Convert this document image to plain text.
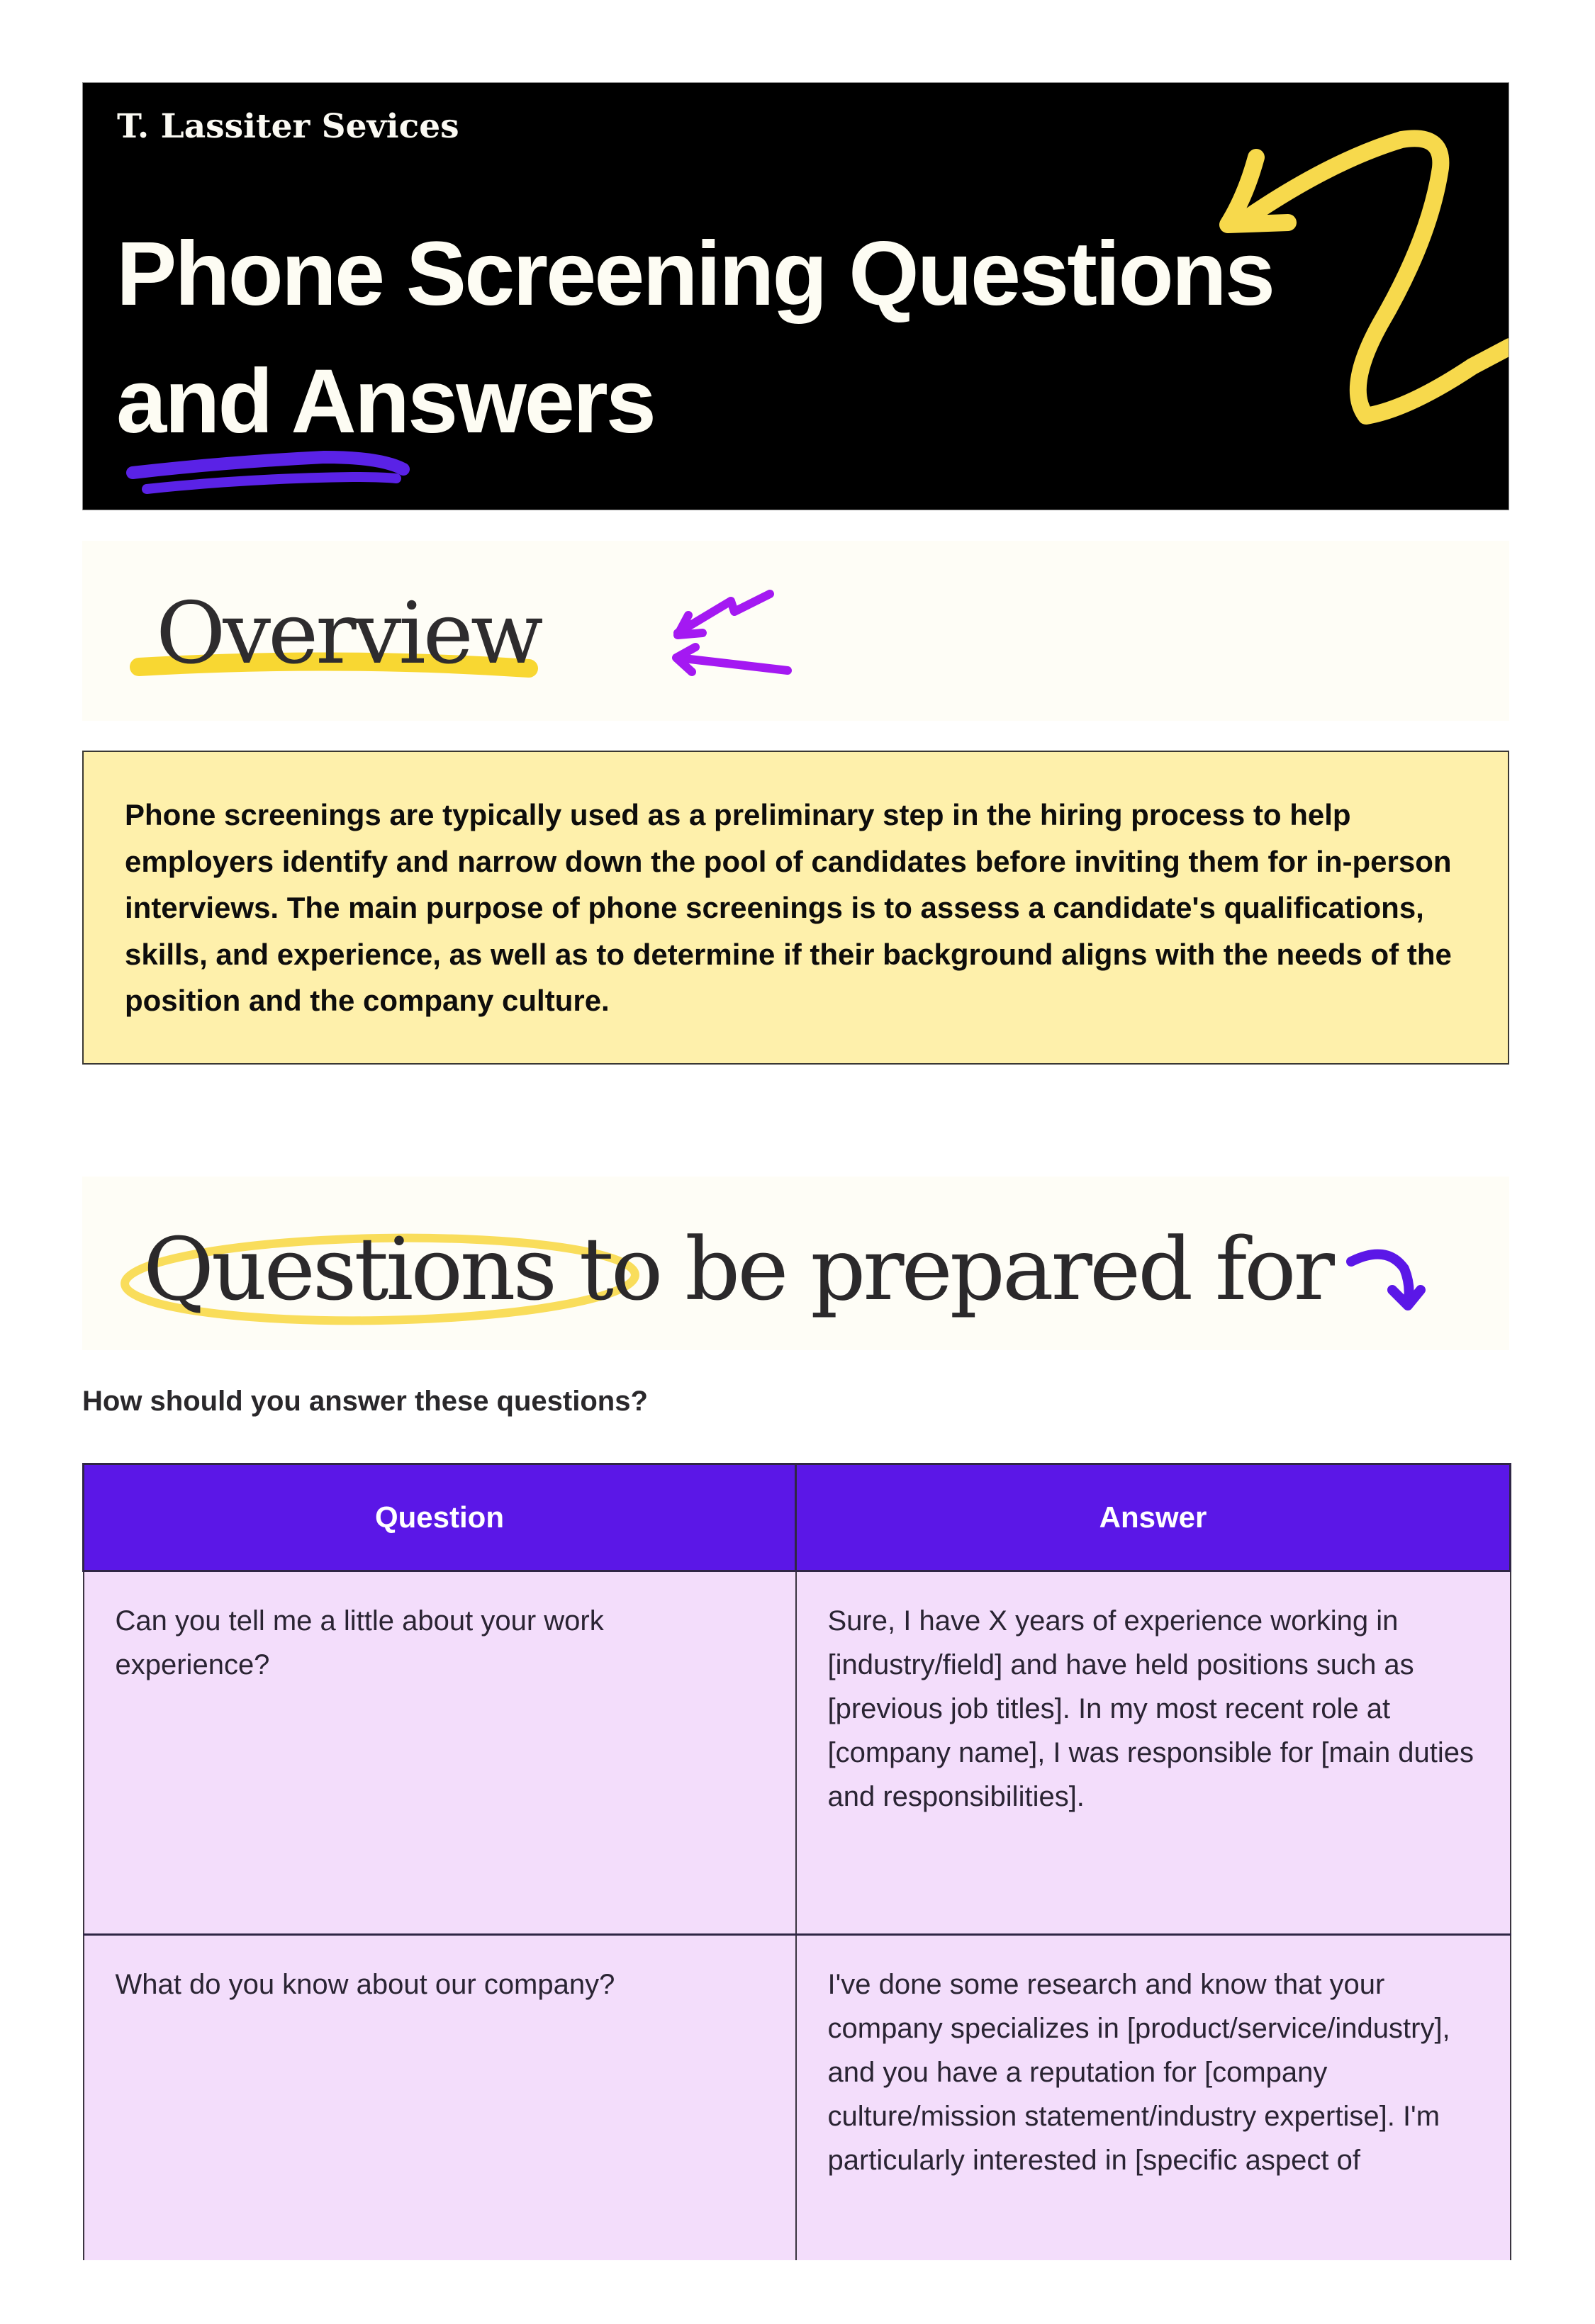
T. Lassiter Sevices
Phone Screening Questions
and Answers
Overview

Phone screenings are typically used as a preliminary step in the hiring process to help employers identify and narrow down the pool of candidates before inviting them for in-person interviews. The main purpose of phone screenings is to assess a candidate's qualifications, skills, and experience, as well as to determine if their background aligns with the needs of the position and the company culture.

Questions to be prepared for
How should you answer these questions?
Question	Answer
Can you tell me a little about your work experience?	Sure, I have X years of experience working in [industry/field] and have held positions such as [previous job titles]. In my most recent role at [company name], I was responsible for [main duties and responsibilities].
What do you know about our company?	I've done some research and know that your company specializes in [product/service/industry], and you have a reputation for [company culture/mission statement/industry expertise]. I'm particularly interested in [specific aspect of
